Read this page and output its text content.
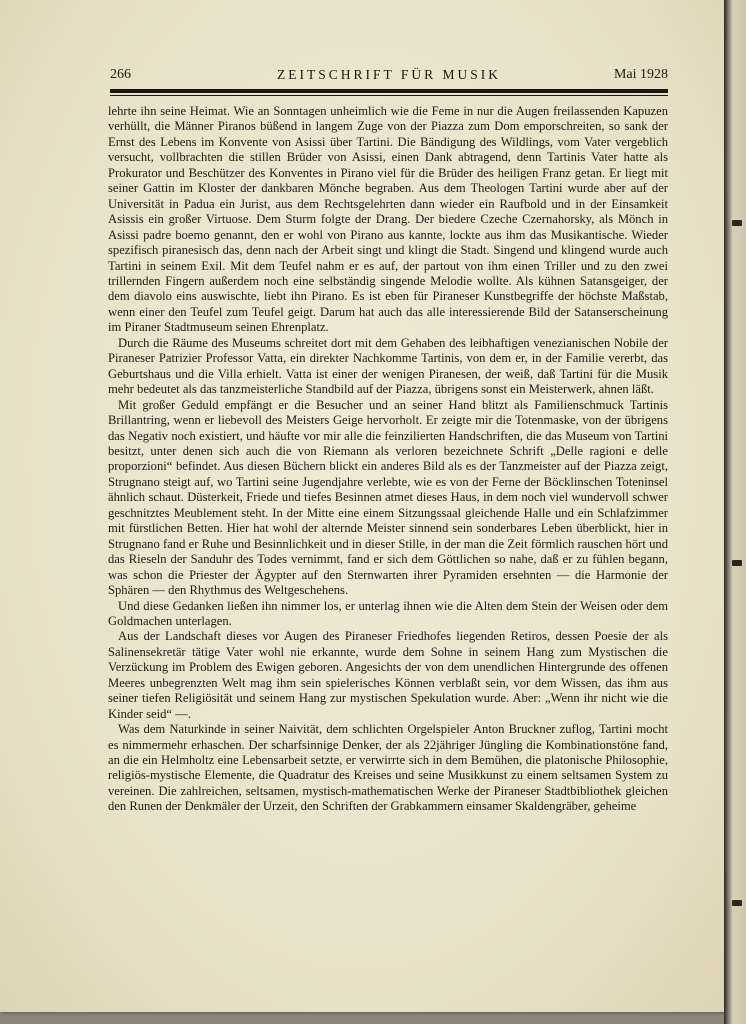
266	ZEITSCHRIFT FÜR MUSIK	Mai 1928

lehrte ihn seine Heimat. Wie an Sonntagen unheimlich wie die Feme in nur die Augen freilassenden Kapuzen verhüllt, die Männer Piranos büßend in langem Zuge von der Piazza zum Dom emporschreiten, so sank der Ernst des Lebens im Konvente von Asissi über Tartini. Die Bändigung des Wildlings, vom Vater vergeblich versucht, vollbrachten die stillen Brüder von Asissi, einen Dank abtragend, denn Tartinis Vater hatte als Prokurator und Beschützer des Konventes in Pirano viel für die Brüder des heiligen Franz getan. Er liegt mit seiner Gattin im Kloster der dankbaren Mönche begraben. Aus dem Theologen Tartini wurde aber auf der Universität in Padua ein Jurist, aus dem Rechtsgelehrten dann wieder ein Raufbold und in der Einsamkeit Asissis ein großer Virtuose. Dem Sturm folgte der Drang. Der biedere Czeche Czernahorsky, als Mönch in Asissi padre boemo genannt, den er wohl von Pirano aus kannte, lockte aus ihm das Musikantische. Wieder spezifisch piranesisch das, denn nach der Arbeit singt und klingt die Stadt. Singend und klingend wurde auch Tartini in seinem Exil. Mit dem Teufel nahm er es auf, der partout von ihm einen Triller und zu den zwei trillernden Fingern außerdem noch eine selbständig singende Melodie wollte. Als kühnen Satansgeiger, der dem diavolo eins auswischte, liebt ihn Pirano. Es ist eben für Piraneser Kunstbegriffe der höchste Maßstab, wenn einer den Teufel zum Teufel geigt. Darum hat auch das alle interessierende Bild der Satanserscheinung im Piraner Stadtmuseum seinen Ehrenplatz.

Durch die Räume des Museums schreitet dort mit dem Gehaben des leibhaftigen venezianischen Nobile der Piraneser Patrizier Professor Vatta, ein direkter Nachkomme Tartinis, von dem er, in der Familie vererbt, das Geburtshaus und die Villa erhielt. Vatta ist einer der wenigen Piranesen, der weiß, daß Tartini für die Musik mehr bedeutet als das tanzmeisterliche Standbild auf der Piazza, übrigens sonst ein Meisterwerk, ahnen läßt.

Mit großer Geduld empfängt er die Besucher und an seiner Hand blitzt als Familienschmuck Tartinis Brillantring, wenn er liebevoll des Meisters Geige hervorholt. Er zeigte mir die Totenmaske, von der übrigens das Negativ noch existiert, und häufte vor mir alle die feinzilierten Handschriften, die das Museum von Tartini besitzt, unter denen sich auch die von Riemann als verloren bezeichnete Schrift „Delle ragioni e delle proporzioni“ befindet. Aus diesen Büchern blickt ein anderes Bild als es der Tanzmeister auf der Piazza zeigt, Strugnano steigt auf, wo Tartini seine Jugendjahre verlebte, wie es von der Ferne der Böcklinschen Toteninsel ähnlich schaut. Düsterkeit, Friede und tiefes Besinnen atmet dieses Haus, in dem noch viel wundervoll schwer geschnitztes Meublement steht. In der Mitte eine einem Sitzungssaal gleichende Halle und ein Schlafzimmer mit fürstlichen Betten. Hier hat wohl der alternde Meister sinnend sein sonderbares Leben überblickt, hier in Strugnano fand er Ruhe und Besinnlichkeit und in dieser Stille, in der man die Zeit förmlich rauschen hört und das Rieseln der Sanduhr des Todes vernimmt, fand er sich dem Göttlichen so nahe, daß er zu fühlen begann, was schon die Priester der Ägypter auf den Sternwarten ihrer Pyramiden ersehnten — die Harmonie der Sphären — den Rhythmus des Weltgeschehens.

Und diese Gedanken ließen ihn nimmer los, er unterlag ihnen wie die Alten dem Stein der Weisen oder dem Goldmachen unterlagen.

Aus der Landschaft dieses vor Augen des Piraneser Friedhofes liegenden Retiros, dessen Poesie der als Salinensekretär tätige Vater wohl nie erkannte, wurde dem Sohne in seinem Hang zum Mystischen die Verzückung im Problem des Ewigen geboren. Angesichts der von dem unendlichen Hintergrunde des offenen Meeres unbegrenzten Welt mag ihm sein spielerisches Können verblaßt sein, vor dem Wissen, das ihm aus seiner tiefen Religiösität und seinem Hang zur mystischen Spekulation wurde. Aber: „Wenn ihr nicht wie die Kinder seid“ —.

Was dem Naturkinde in seiner Naivität, dem schlichten Orgelspieler Anton Bruckner zuflog, Tartini mocht es nimmermehr erhaschen. Der scharfsinnige Denker, der als 22jähriger Jüngling die Kombinationstöne fand, an die ein Helmholtz eine Lebensarbeit setzte, er verwirrte sich in dem Bemühen, die platonische Philosophie, religiös-mystische Elemente, die Quadratur des Kreises und seine Musikkunst zu einem seltsamen System zu vereinen. Die zahlreichen, seltsamen, mystisch-mathematischen Werke der Piraneser Stadtbibliothek gleichen den Runen der Denkmäler der Urzeit, den Schriften der Grabkammern einsamer Skaldengräber, geheime
